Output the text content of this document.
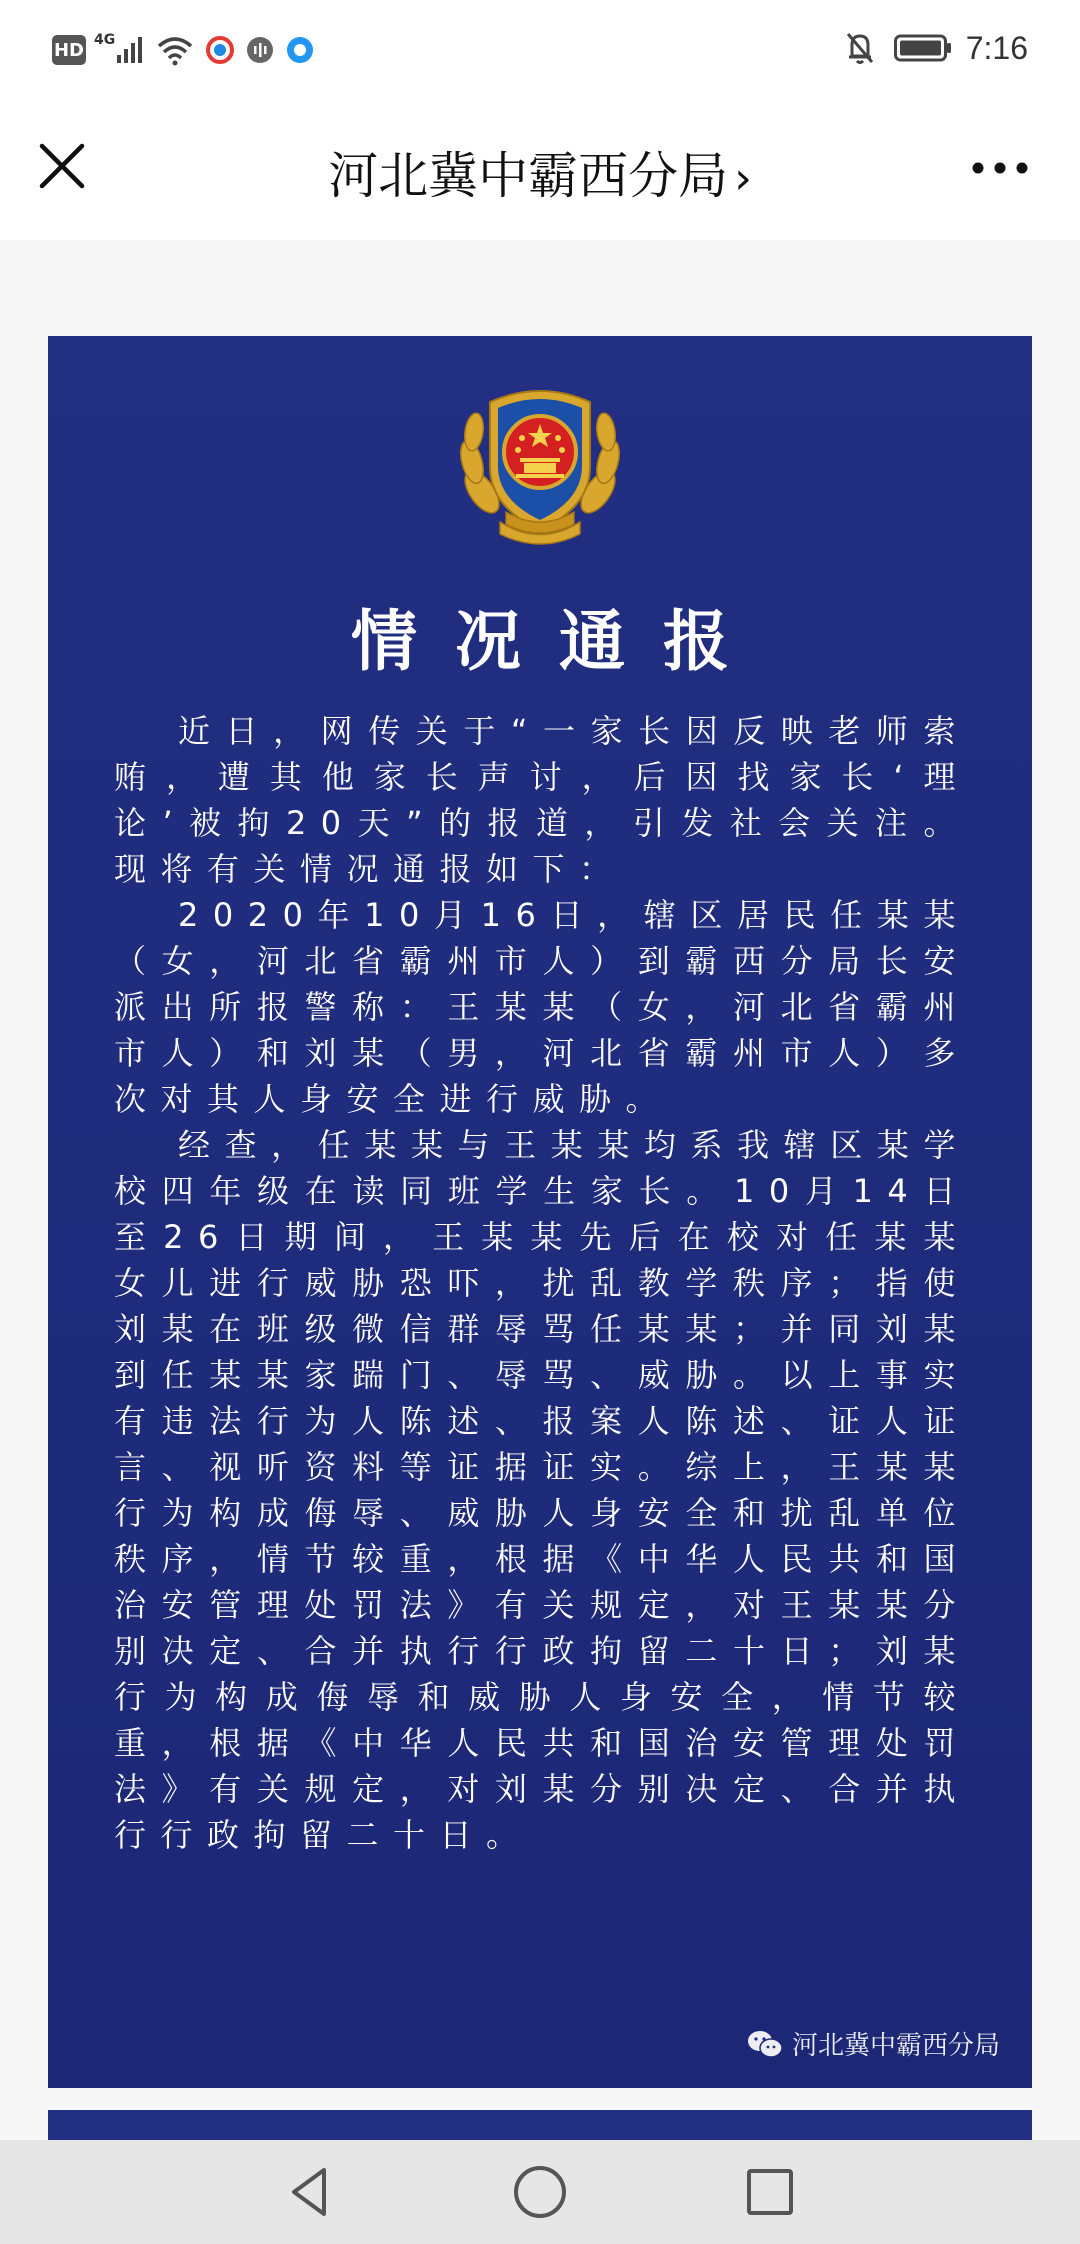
HD 4G	7:16
河北冀中霸西分局 ›
情况通报

近日，网传关于“一家长因反映老师索贿，遭其他家长声讨，后因找家长‘理论’被拘20天”的报道，引发社会关注。现将有关情况通报如下：

2020年10月16日，辖区居民任某某（女，河北省霸州市人）到霸西分局长安派出所报警称：王某某（女，河北省霸州市人）和刘某（男，河北省霸州市人）多次对其人身安全进行威胁。

经查，任某某与王某某均系我辖区某学校四年级在读同班学生家长。10月14日至26日期间，王某某先后在校对任某某女儿进行威胁恐吓，扰乱教学秩序；指使刘某在班级微信群辱骂任某某；并同刘某到任某某家踹门、辱骂、威胁。以上事实有违法行为人陈述、报案人陈述、证人证言、视听资料等证据证实。综上，王某某行为构成侮辱、威胁人身安全和扰乱单位秩序，情节较重，根据《中华人民共和国治安管理处罚法》有关规定，对王某某分别决定、合并执行行政拘留二十日；刘某行为构成侮辱和威胁人身安全，情节较重，根据《中华人民共和国治安管理处罚法》有关规定，对刘某分别决定、合并执行行政拘留二十日。

河北冀中霸西分局
